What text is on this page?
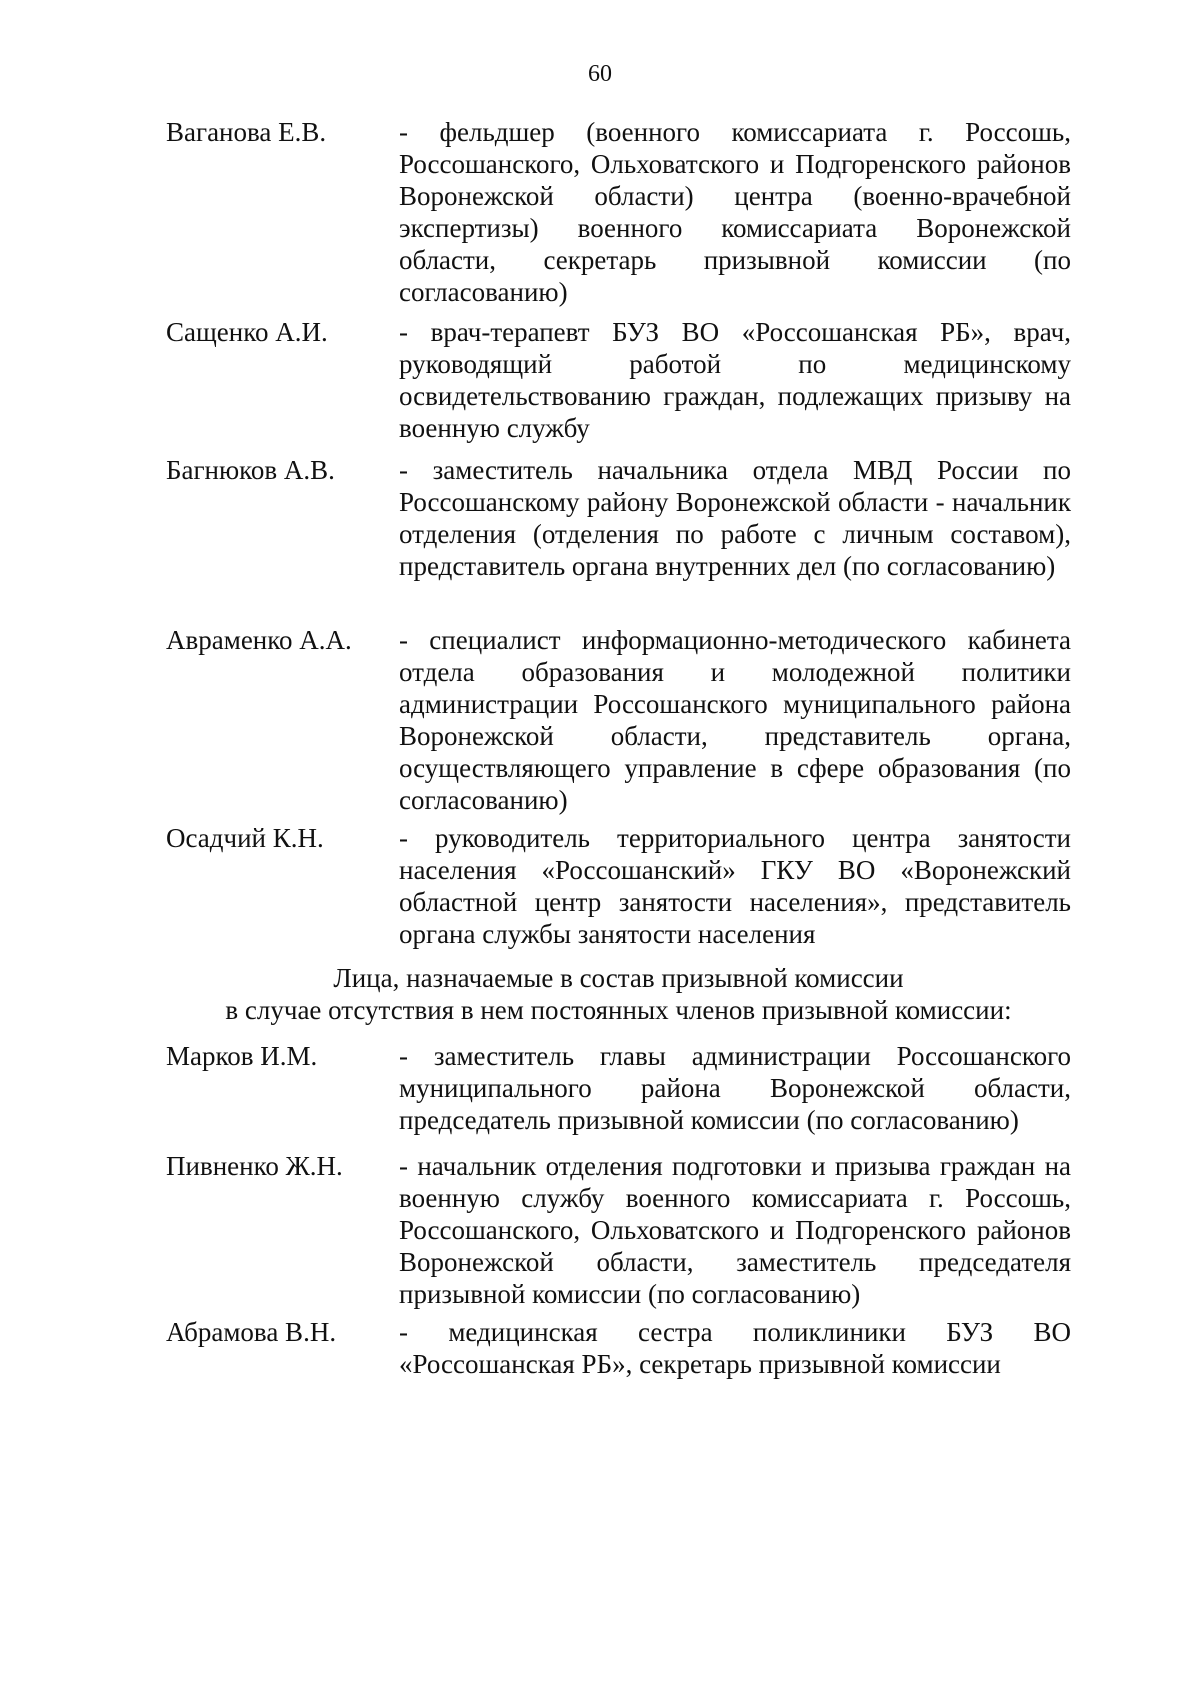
60
Ваганова Е.В.	- фельдшер (военного комиссариата г. Россошь, Россошанского, Ольховатского и Подгоренского районов Воронежской области) центра (военно-врачебной экспертизы) военного комиссариата Воронежской области, секретарь призывной комиссии (по согласованию)
Сащенко А.И.	- врач-терапевт БУЗ ВО «Россошанская РБ», врач, руководящий работой по медицинскому освидетельствованию граждан, подлежащих призыву на военную службу
Багнюков А.В. - заместитель начальника отдела МВД России по Россошанскому району Воронежской области - начальник отделения (отделения по работе с личным составом), представитель органа внутренних дел (по согласованию)
Авраменко А.А. - специалист информационно-методического кабинета отдела образования и молодежной политики администрации Россошанского муниципального района Воронежской области, представитель органа, осуществляющего управление в сфере образования (по согласованию)
Осадчий К.Н.	- руководитель территориального центра занятости населения «Россошанский» ГКУ ВО «Воронежский областной центр занятости населения», представитель органа службы занятости населения
Лица, назначаемые в состав призывной комиссии
в случае отсутствия в нем постоянных членов призывной комиссии:
Марков И.М.	- заместитель главы администрации Россошанского муниципального района Воронежской области, председатель призывной комиссии (по согласованию)
Пивненко Ж.Н. - начальник отделения подготовки и призыва граждан на военную службу военного комиссариата г. Россошь, Россошанского, Ольховатского и Подгоренского районов Воронежской области, заместитель председателя призывной комиссии (по согласованию)
Абрамова В.Н. - медицинская сестра поликлиники БУЗ ВО «Россошанская РБ», секретарь призывной комиссии
